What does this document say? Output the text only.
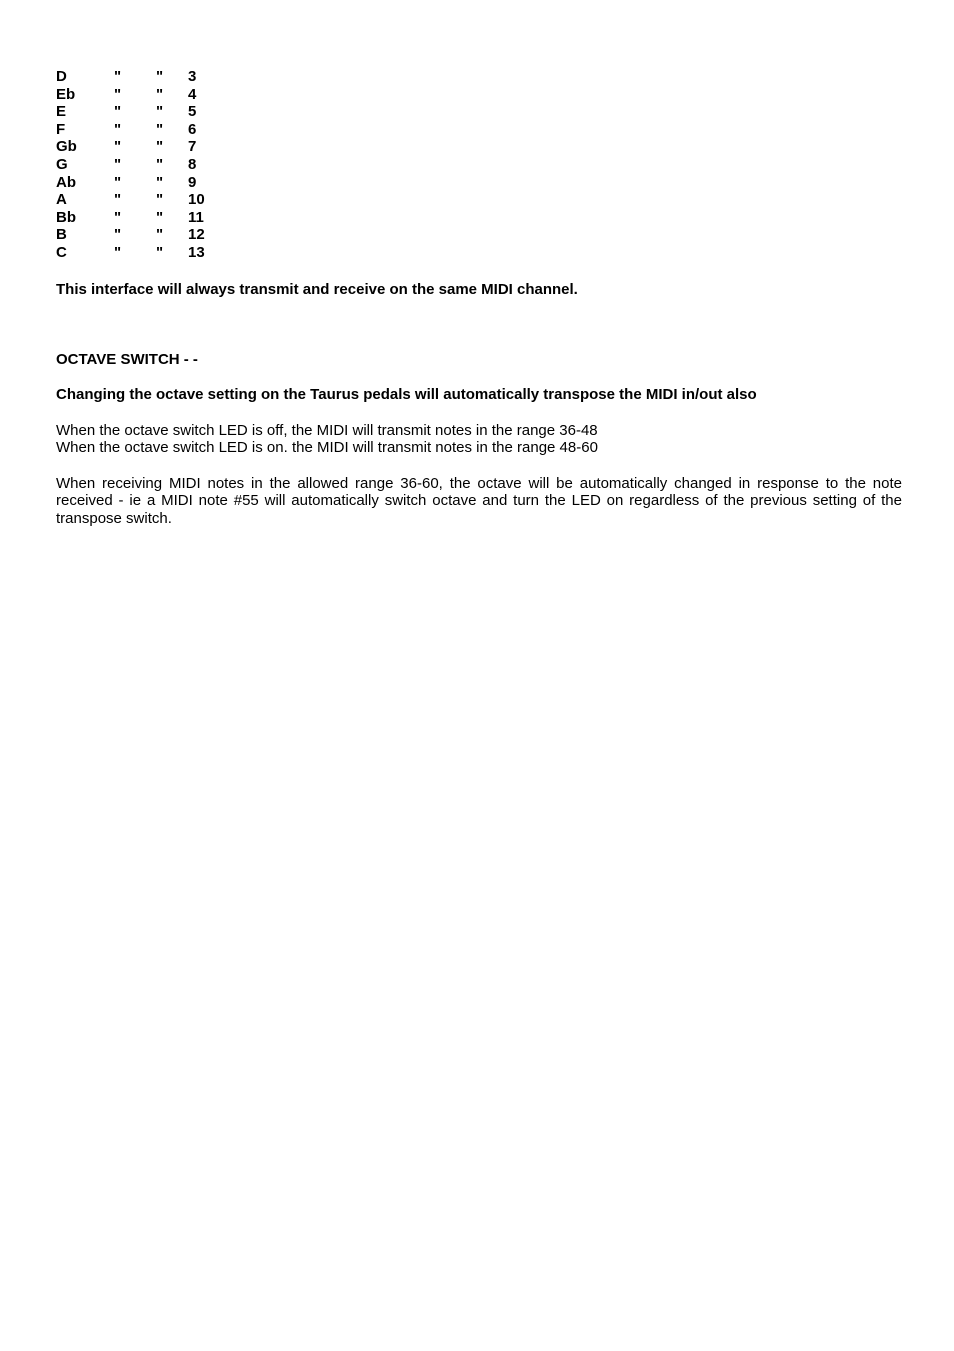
D	"	"	3
Eb	"	"	4
E	"	"	5
F	"	"	6
Gb	"	"	7
G	"	"	8
Ab	"	"	9
A	"	"	10
Bb	"	"	11
B	"	"	12
C	"	"	13

This interface will always transmit and receive on the same MIDI channel.

OCTAVE SWITCH - -

Changing the octave setting on the Taurus pedals will automatically transpose the MIDI in/out also

When the octave switch LED is off, the MIDI will transmit notes in the range 36-48

When the octave switch LED is on. the MIDI will transmit notes in the range 48-60

When receiving MIDI notes in the allowed range 36-60, the octave will be automatically changed in response to the note received - ie a MIDI note #55 will automatically switch octave and turn the LED on regardless of the previous setting of the transpose switch.
